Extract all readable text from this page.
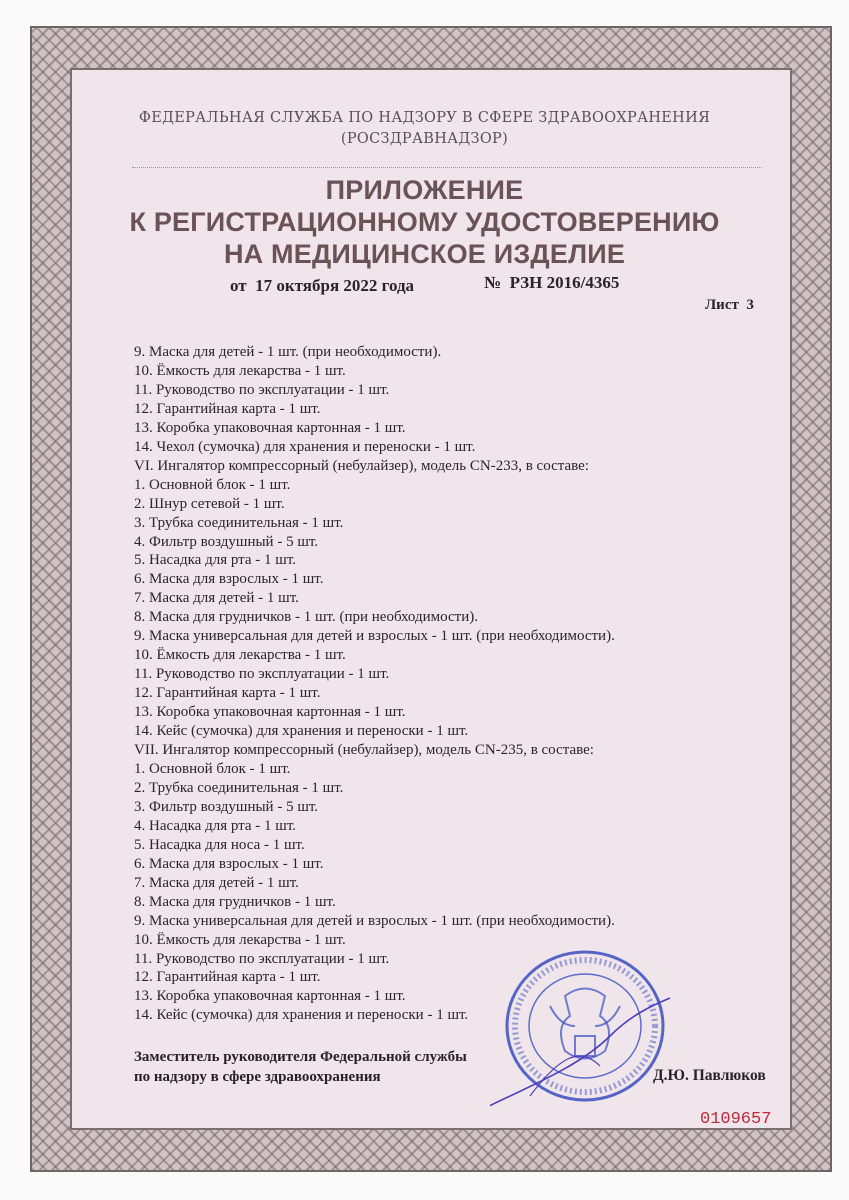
ФЕДЕРАЛЬНАЯ СЛУЖБА ПО НАДЗОРУ В СФЕРЕ ЗДРАВООХРАНЕНИЯ
(РОСЗДРАВНАДЗОР)
ПРИЛОЖЕНИЕ
К РЕГИСТРАЦИОННОМУ УДОСТОВЕРЕНИЮ
НА МЕДИЦИНСКОЕ ИЗДЕЛИЕ
от  17 октября 2022 года	№  РЗН 2016/4365
Лист  3
9. Маска для детей - 1 шт. (при необходимости).
10. Ёмкость для лекарства - 1 шт.
11. Руководство по эксплуатации - 1 шт.
12. Гарантийная карта - 1 шт.
13. Коробка упаковочная картонная - 1 шт.
14. Чехол (сумочка) для хранения и переноски - 1 шт.
VI. Ингалятор компрессорный (небулайзер), модель CN-233, в составе:
1. Основной блок - 1 шт.
2. Шнур сетевой - 1 шт.
3. Трубка соединительная - 1 шт.
4. Фильтр воздушный - 5 шт.
5. Насадка для рта - 1 шт.
6. Маска для взрослых - 1 шт.
7. Маска для детей - 1 шт.
8. Маска для грудничков - 1 шт. (при необходимости).
9. Маска универсальная для детей и взрослых - 1 шт. (при необходимости).
10. Ёмкость для лекарства - 1 шт.
11. Руководство по эксплуатации - 1 шт.
12. Гарантийная карта - 1 шт.
13. Коробка упаковочная картонная - 1 шт.
14. Кейс (сумочка) для хранения и переноски - 1 шт.
VII. Ингалятор компрессорный (небулайзер), модель CN-235, в составе:
1. Основной блок - 1 шт.
2. Трубка соединительная - 1 шт.
3. Фильтр воздушный - 5 шт.
4. Насадка для рта - 1 шт.
5. Насадка для носа - 1 шт.
6. Маска для взрослых - 1 шт.
7. Маска для детей - 1 шт.
8. Маска для грудничков - 1 шт.
9. Маска универсальная для детей и взрослых - 1 шт. (при необходимости).
10. Ёмкость для лекарства - 1 шт.
11. Руководство по эксплуатации - 1 шт.
12. Гарантийная карта - 1 шт.
13. Коробка упаковочная картонная - 1 шт.
14. Кейс (сумочка) для хранения и переноски - 1 шт.
Заместитель руководителя Федеральной службы
по надзору в сфере здравоохранения	Д.Ю. Павлюков
0109657
